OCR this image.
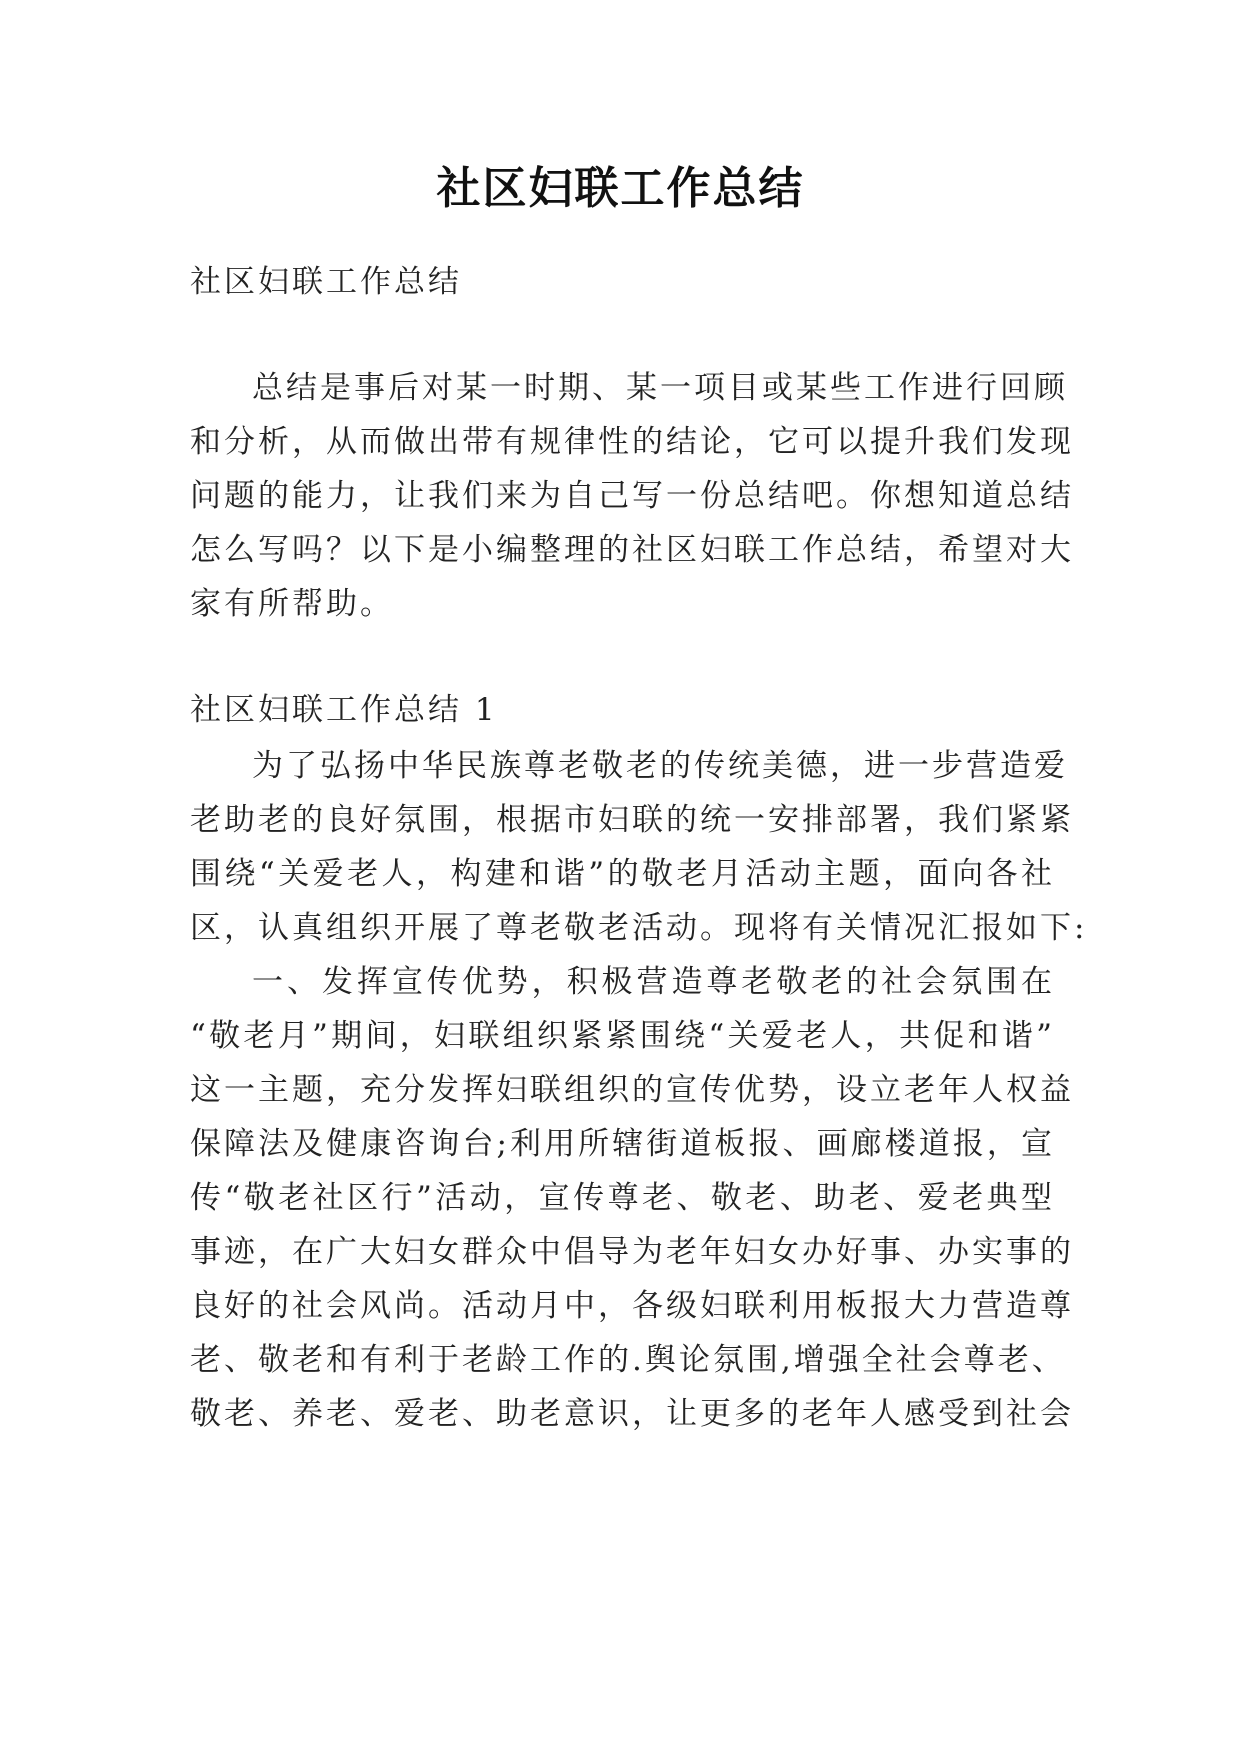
社区妇联工作总结
社区妇联工作总结
总结是事后对某一时期、某一项目或某些工作进行回顾
和分析，从而做出带有规律性的结论，它可以提升我们发现
问题的能力，让我们来为自己写一份总结吧。你想知道总结
怎么写吗？以下是小编整理的社区妇联工作总结，希望对大
家有所帮助。
社区妇联工作总结 1
为了弘扬中华民族尊老敬老的传统美德，进一步营造爱
老助老的良好氛围，根据市妇联的统一安排部署，我们紧紧
围绕“关爱老人，构建和谐”的敬老月活动主题，面向各社
区，认真组织开展了尊老敬老活动。现将有关情况汇报如下:
一、发挥宣传优势，积极营造尊老敬老的社会氛围在
“敬老月”期间，妇联组织紧紧围绕“关爱老人，共促和谐”
这一主题，充分发挥妇联组织的宣传优势，设立老年人权益
保障法及健康咨询台;利用所辖街道板报、画廊楼道报，宣
传“敬老社区行”活动，宣传尊老、敬老、助老、爱老典型
事迹，在广大妇女群众中倡导为老年妇女办好事、办实事的
良好的社会风尚。活动月中，各级妇联利用板报大力营造尊
老、敬老和有利于老龄工作的.舆论氛围,增强全社会尊老、
敬老、养老、爱老、助老意识，让更多的老年人感受到社会
